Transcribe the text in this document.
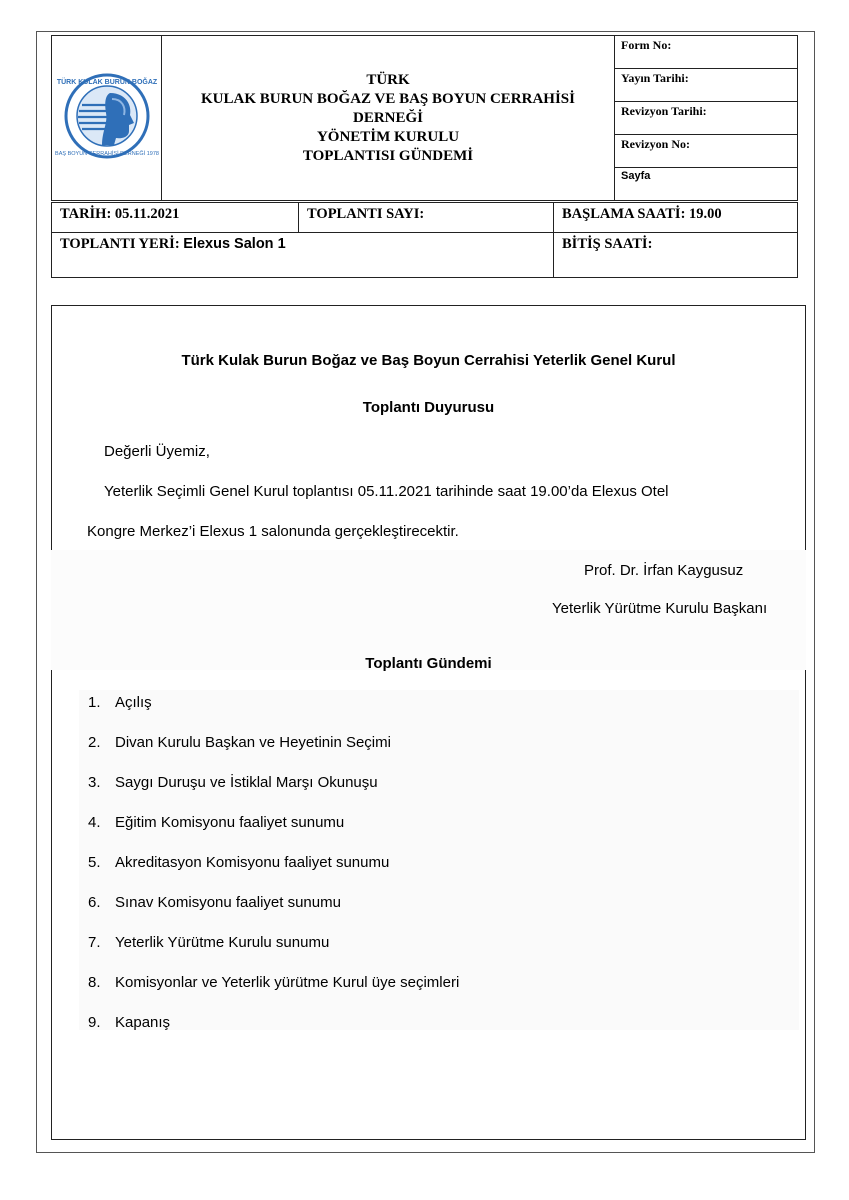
TÜRK KULAK BURUN BOĞAZ
BAŞ BOYUN CERRAHİSİ DERNEĞİ 1978

TÜRK
KULAK BURUN BOĞAZ VE BAŞ BOYUN CERRAHİSİ
DERNEĞİ
YÖNETİM KURULU
TOPLANTISI GÜNDEMİ
	Form No:
Yayın Tarihi:
Revizyon Tarihi:
Revizyon No:
Sayfa
TARİH: 05.11.2021	TOPLANTI SAYI:	BAŞLAMA SAATİ: 19.00
TOPLANTI YERİ: Elexus Salon 1		BİTİŞ SAATİ:
Türk Kulak Burun Boğaz ve Baş Boyun Cerrahisi Yeterlik Genel Kurul
Toplantı Duyurusu
Değerli Üyemiz,
Yeterlik Seçimli Genel Kurul toplantısı 05.11.2021 tarihinde saat 19.00’da Elexus Otel
Kongre Merkez’i Elexus 1 salonunda gerçekleştirecektir.
Prof. Dr. İrfan Kaygusuz
Yeterlik Yürütme Kurulu Başkanı
Toplantı Gündemi
1. Açılış
2. Divan Kurulu Başkan ve Heyetinin Seçimi
3. Saygı Duruşu ve İstiklal Marşı Okunuşu
4. Eğitim Komisyonu faaliyet sunumu
5. Akreditasyon Komisyonu faaliyet sunumu
6. Sınav Komisyonu faaliyet sunumu
7. Yeterlik Yürütme Kurulu sunumu
8. Komisyonlar ve Yeterlik yürütme Kurul üye seçimleri
9. Kapanış
